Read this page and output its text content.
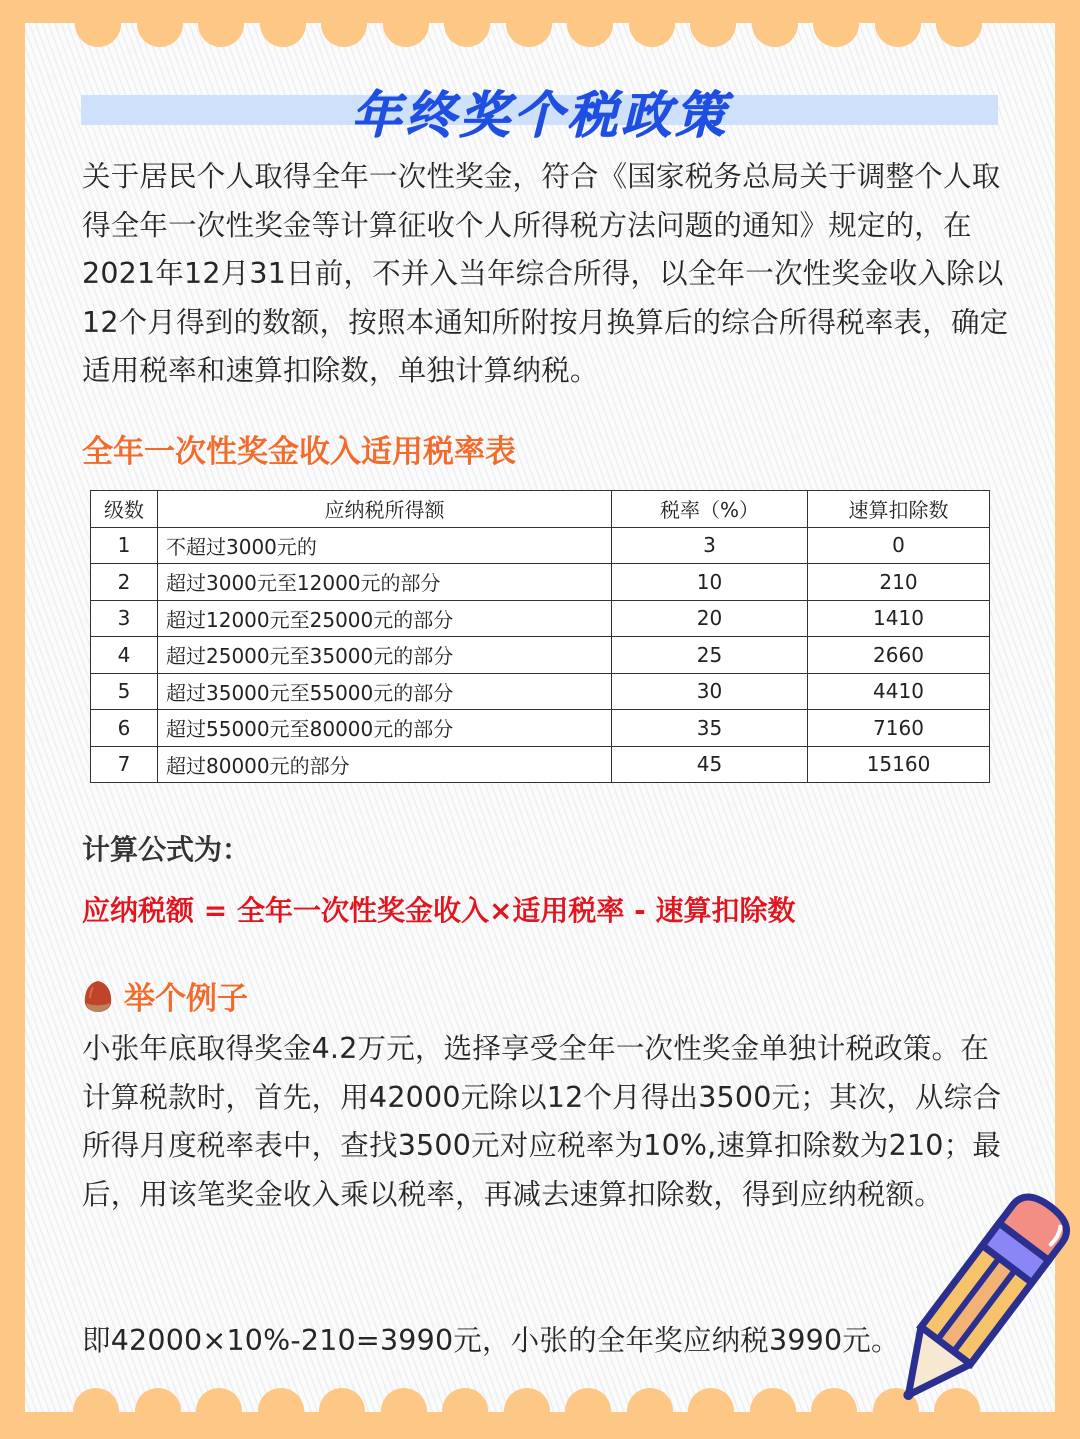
年终奖个税政策
关于居民个人取得全年一次性奖金，符合《国家税务总局关于调整个人取得全年一次性奖金等计算征收个人所得税方法问题的通知》规定的，在2021年12月31日前，不并入当年综合所得，以全年一次性奖金收入除以12个月得到的数额，按照本通知所附按月换算后的综合所得税率表，确定适用税率和速算扣除数，单独计算纳税。
全年一次性奖金收入适用税率表
级数	应纳税所得额	税率（%）	速算扣除数
1	不超过3000元的	3	0
2	超过3000元至12000元的部分	10	210
3	超过12000元至25000元的部分	20	1410
4	超过25000元至35000元的部分	25	2660
5	超过35000元至55000元的部分	30	4410
6	超过55000元至80000元的部分	35	7160
7	超过80000元的部分	45	15160
计算公式为：
应纳税额 = 全年一次性奖金收入×适用税率 - 速算扣除数
举个例子
小张年底取得奖金4.2万元，选择享受全年一次性奖金单独计税政策。在计算税款时，首先，用42000元除以12个月得出3500元；其次，从综合所得月度税率表中，查找3500元对应税率为10%,速算扣除数为210；最后，用该笔奖金收入乘以税率，再减去速算扣除数，得到应纳税额。
即42000×10%-210=3990元，小张的全年奖应纳税3990元。
